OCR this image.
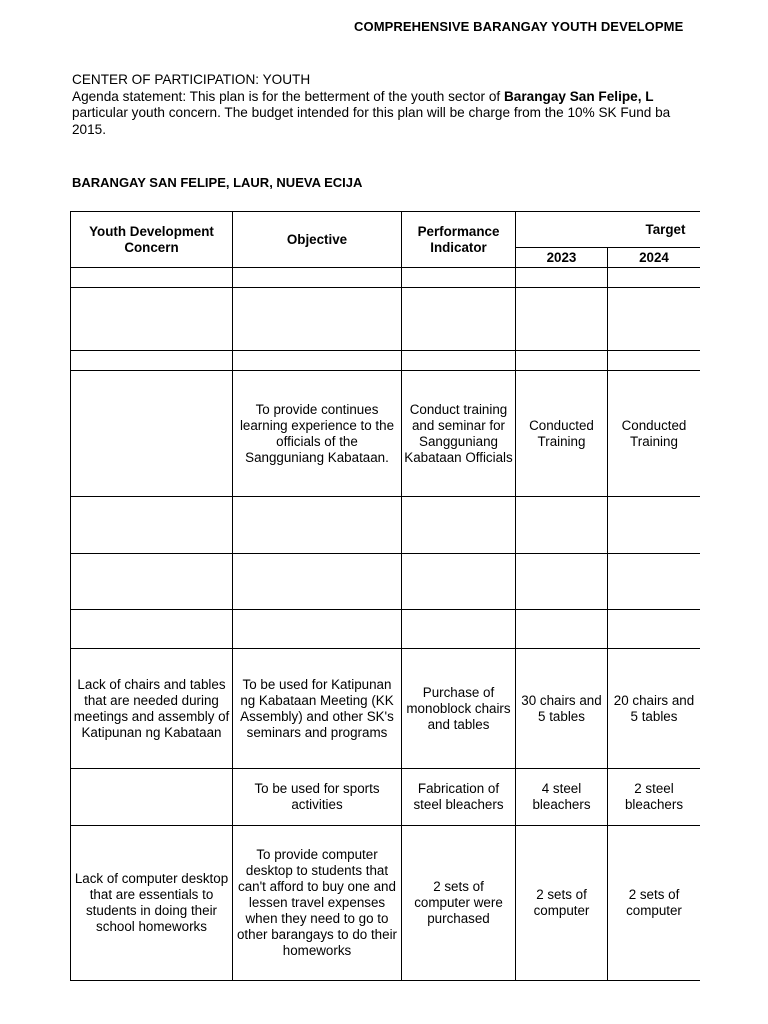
COMPREHENSIVE BARANGAY YOUTH DEVELOPME
CENTER OF PARTICIPATION: YOUTH
Agenda statement: This plan is for the betterment of the youth sector of Barangay San Felipe, L
particular youth concern. The budget intended for this plan will be charge from the 10% SK Fund ba
2015.
BARANGAY SAN FELIPE, LAUR, NUEVA ECIJA
Youth Development Concern	Objective	Performance Indicator	Target	
			2023	2024

	To provide continues learning experience to the officials of the Sangguniang Kabataan.	Conduct training and seminar for Sangguniang Kabataan Officials	Conducted Training	Conducted Training

Lack of chairs and tables that are needed during meetings and assembly of Katipunan ng Kabataan	To be used for Katipunan ng Kabataan Meeting (KK Assembly) and other SK's seminars and programs	Purchase of monoblock chairs and tables	30 chairs and 5 tables	20 chairs and 5 tables
	To be used for sports activities	Fabrication of steel bleachers	4 steel bleachers	2 steel bleachers
Lack of computer desktop that are essentials to students in doing their school homeworks	To provide computer desktop to students that can't afford to buy one and lessen travel expenses when they need to go to other barangays to do their homeworks	2 sets of computer were purchased	2 sets of computer	2 sets of computer
